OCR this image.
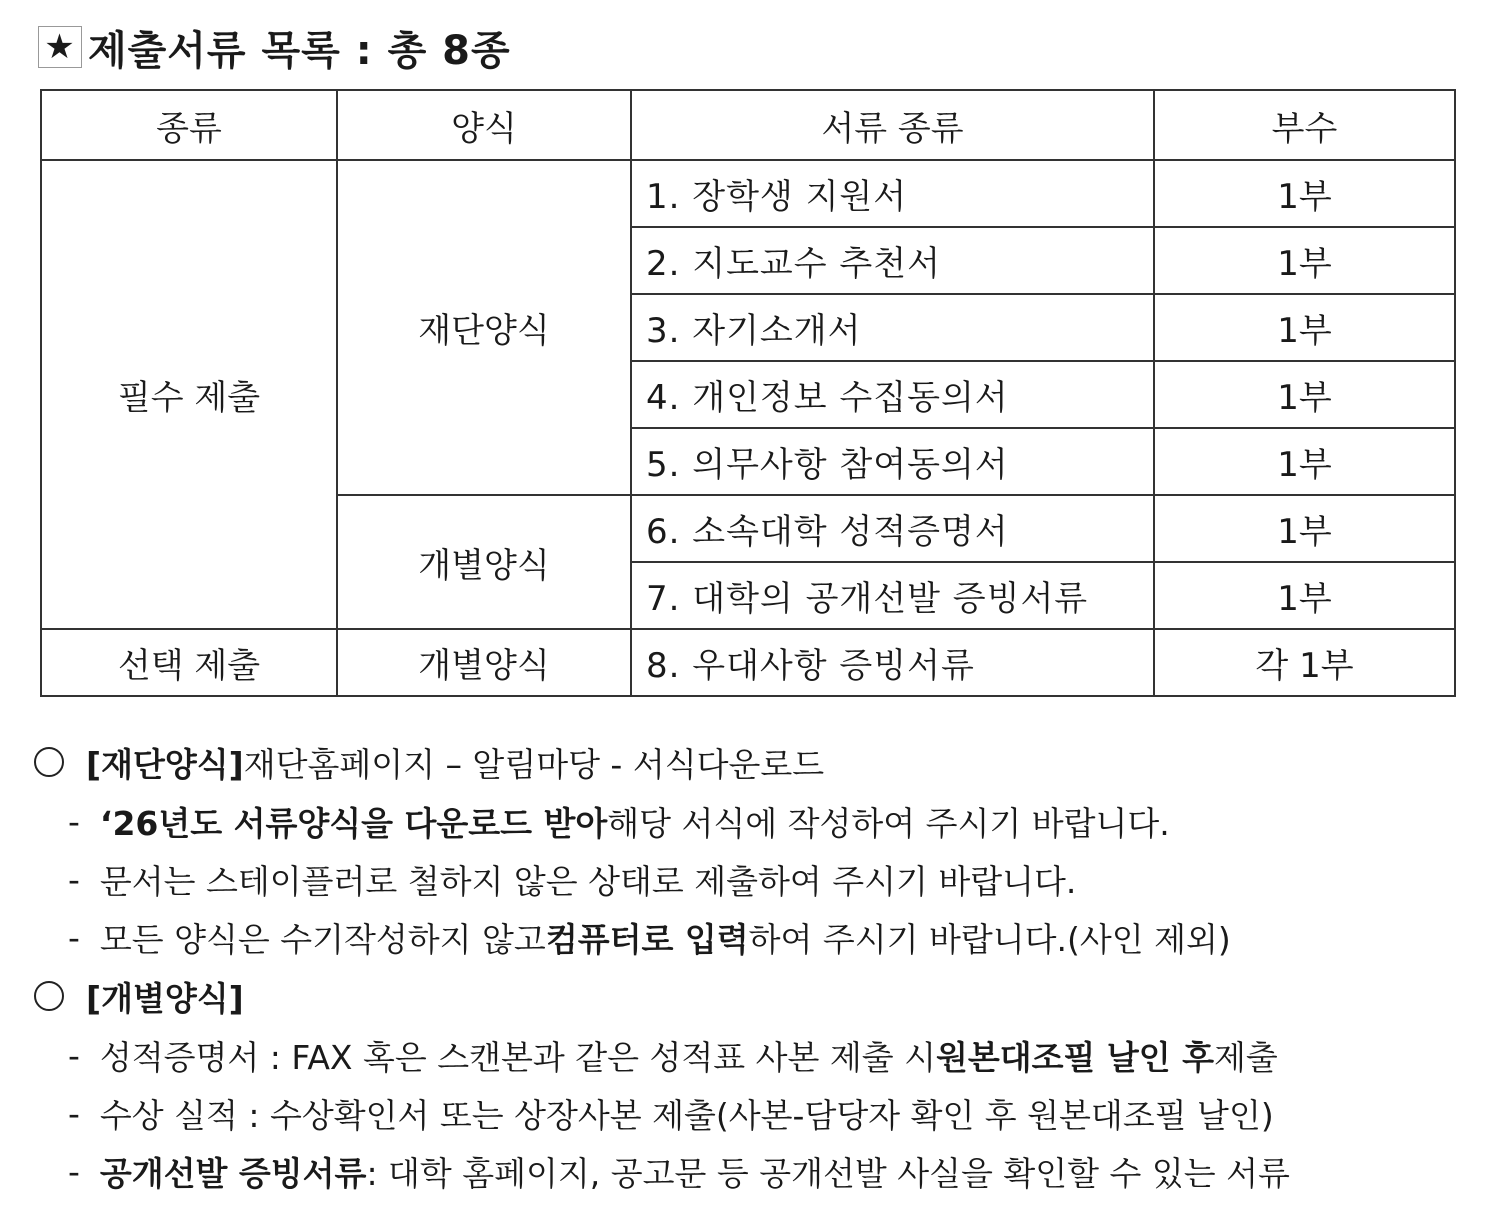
★ 제출서류 목록 : 총 8종
종류	양식	서류 종류	부수
필수 제출	재단양식	1. 장학생 지원서	1부
		2. 지도교수 추천서	1부
		3. 자기소개서	1부
		4. 개인정보 수집동의서	1부
		5. 의무사항 참여동의서	1부
	개별양식	6. 소속대학 성적증명서	1부
		7. 대학의 공개선발 증빙서류	1부
선택 제출	개별양식	8. 우대사항 증빙서류	각 1부
[재단양식] 재단홈페이지 – 알림마당 - 서식다운로드
- ‘26년도 서류양식을 다운로드 받아 해당 서식에 작성하여 주시기 바랍니다.
- 문서는 스테이플러로 철하지 않은 상태로 제출하여 주시기 바랍니다.
- 모든 양식은 수기작성하지 않고 컴퓨터로 입력 하여 주시기 바랍니다.(사인 제외)
[개별양식]
- 성적증명서 : FAX 혹은 스캔본과 같은 성적표 사본 제출 시 원본대조필 날인 후 제출
- 수상 실적 : 수상확인서 또는 상장사본 제출(사본-담당자 확인 후 원본대조필 날인)
- 공개선발 증빙서류 : 대학 홈페이지, 공고문 등 공개선발 사실을 확인할 수 있는 서류
